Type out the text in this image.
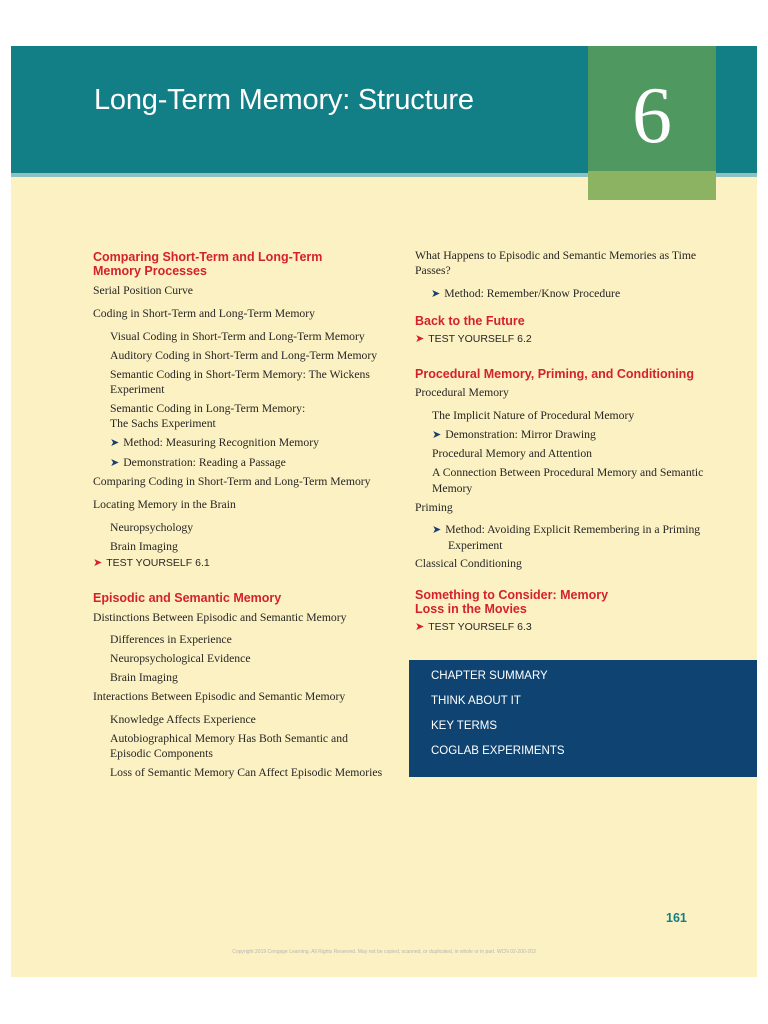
Long-Term Memory: Structure	6
Comparing Short-Term and Long-Term
Memory Processes
Serial Position Curve
Coding in Short-Term and Long-Term Memory
Visual Coding in Short-Term and Long-Term Memory
Auditory Coding in Short-Term and Long-Term Memory
Semantic Coding in Short-Term Memory: The Wickens
Experiment
Semantic Coding in Long-Term Memory:
The Sachs Experiment
➤ Method: Measuring Recognition Memory
➤ Demonstration: Reading a Passage
Comparing Coding in Short-Term and Long-Term Memory
Locating Memory in the Brain
Neuropsychology
Brain Imaging
➤ TEST YOURSELF 6.1
Episodic and Semantic Memory
Distinctions Between Episodic and Semantic Memory
Differences in Experience
Neuropsychological Evidence
Brain Imaging
Interactions Between Episodic and Semantic Memory
Knowledge Affects Experience
Autobiographical Memory Has Both Semantic and
Episodic Components
Loss of Semantic Memory Can Affect Episodic Memories
What Happens to Episodic and Semantic Memories as Time
Passes?
➤ Method: Remember/Know Procedure
Back to the Future
➤ TEST YOURSELF 6.2
Procedural Memory, Priming, and Conditioning
Procedural Memory
The Implicit Nature of Procedural Memory
➤ Demonstration: Mirror Drawing
Procedural Memory and Attention
A Connection Between Procedural Memory and Semantic
Memory
Priming
➤ Method: Avoiding Explicit Remembering in a Priming
Experiment
Classical Conditioning
Something to Consider: Memory
Loss in the Movies
➤ TEST YOURSELF 6.3
CHAPTER SUMMARY
THINK ABOUT IT
KEY TERMS
COGLAB EXPERIMENTS
161
Copyright 2019 Cengage Learning. All Rights Reserved. May not be copied, scanned, or duplicated, in whole or in part. WCN 02-200-203
